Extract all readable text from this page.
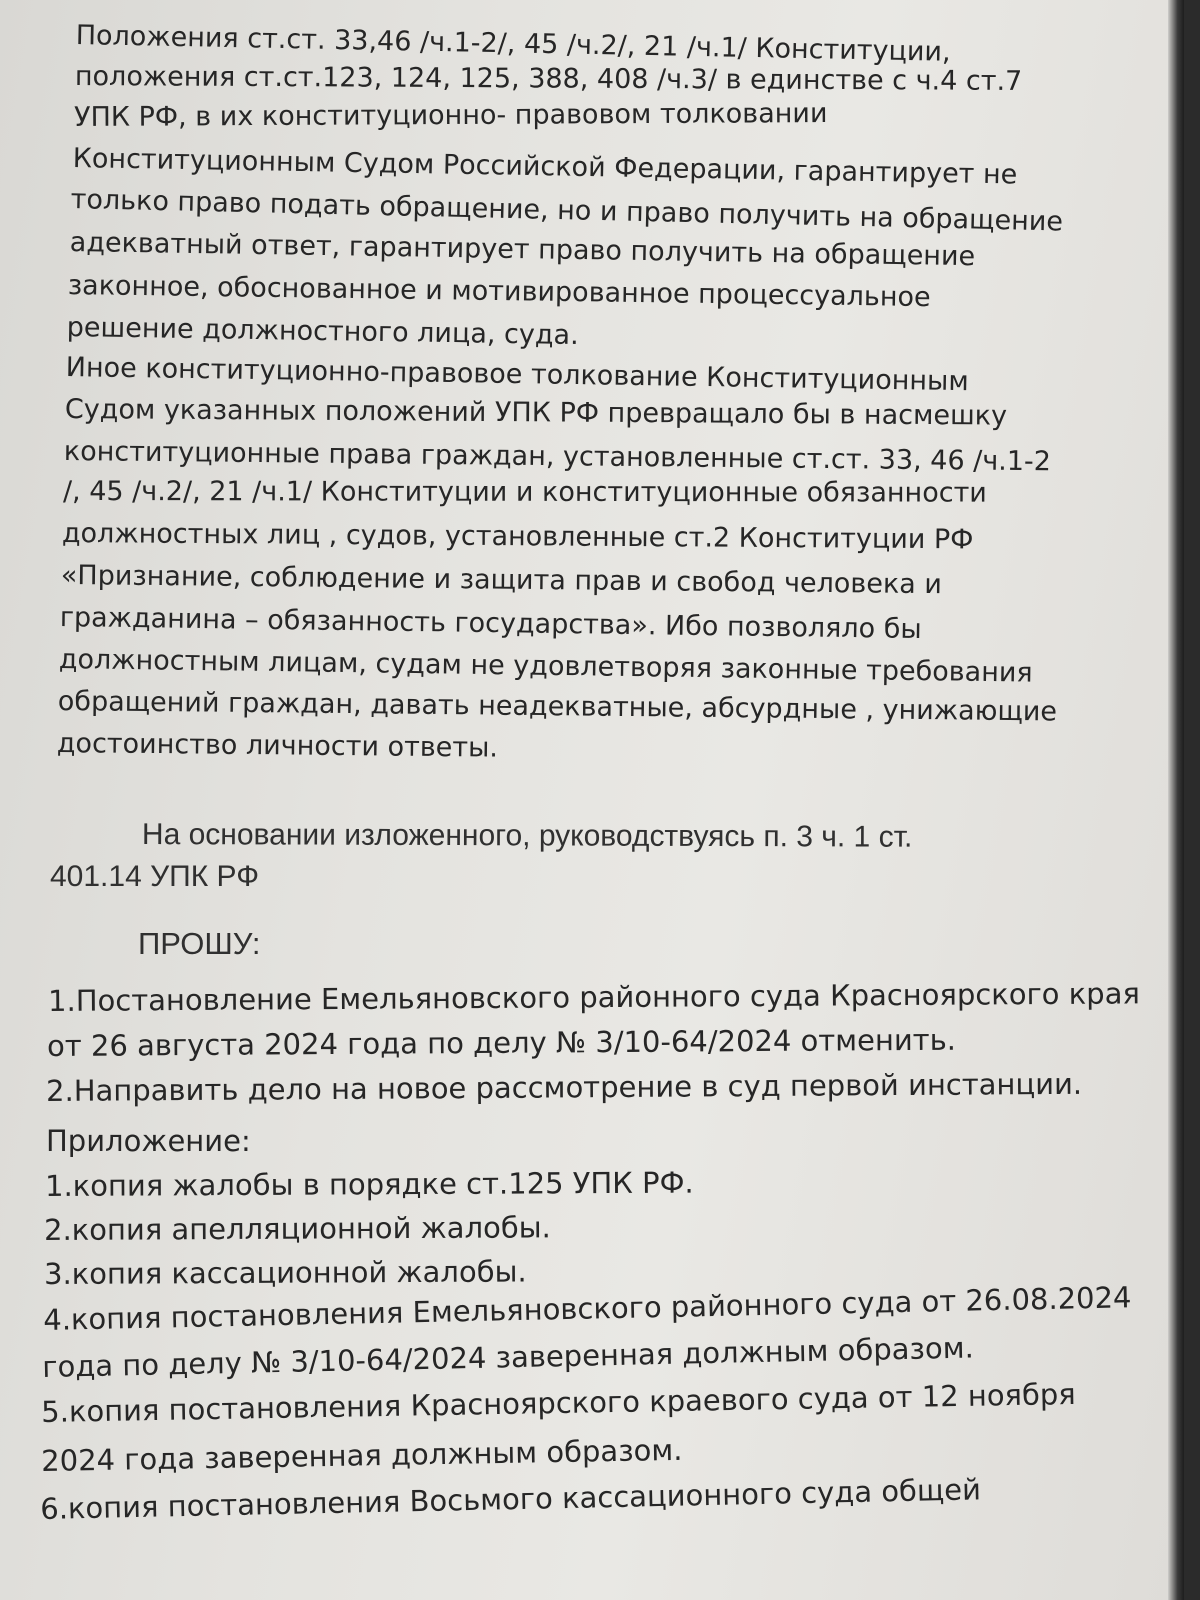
Положения ст.ст. 33,46 /ч.1-2/, 45 /ч.2/, 21 /ч.1/ Конституции,
положения ст.ст.123, 124, 125, 388, 408 /ч.3/ в единстве с ч.4 ст.7
УПК РФ, в их конституционно- правовом толковании
Конституционным Судом Российской Федерации, гарантирует не
только право подать обращение, но и право получить на обращение
адекватный ответ, гарантирует право получить на обращение
законное, обоснованное и мотивированное процессуальное
решение должностного лица, суда.
Иное конституционно-правовое толкование Конституционным
Судом указанных положений УПК РФ превращало бы в насмешку
конституционные права граждан, установленные ст.ст. 33, 46 /ч.1-2
/, 45 /ч.2/, 21 /ч.1/ Конституции и конституционные обязанности
должностных лиц , судов, установленные ст.2 Конституции РФ
«Признание, соблюдение и защита прав и свобод человека и
гражданина – обязанность государства». Ибо позволяло бы
должностным лицам, судам не удовлетворяя законные требования
обращений граждан, давать неадекватные, абсурдные , унижающие
достоинство личности ответы.
На основании изложенного, руководствуясь п. 3 ч. 1 ст.
401.14 УПК РФ
ПРОШУ:
1.Постановление Емельяновского районного суда Красноярского края
от 26 августа 2024 года по делу № 3/10-64/2024 отменить.
2.Направить дело на новое рассмотрение в суд первой инстанции.
Приложение:
1.копия жалобы в порядке ст.125 УПК РФ.
2.копия апелляционной жалобы.
3.копия кассационной жалобы.
4.копия постановления Емельяновского районного суда от 26.08.2024
года по делу № 3/10-64/2024 заверенная должным образом.
5.копия постановления Красноярского краевого суда от 12 ноября
2024 года заверенная должным образом.
6.копия постановления Восьмого кассационного суда общей
